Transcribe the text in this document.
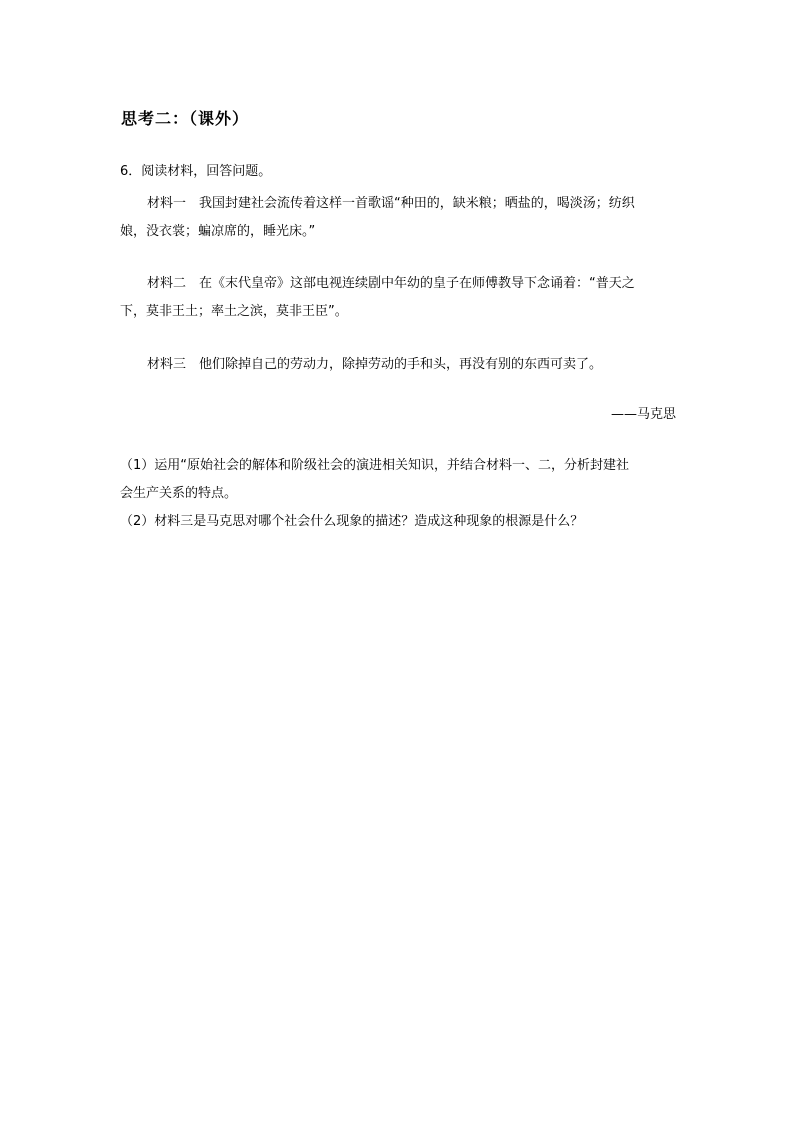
思考二：（课外）
6．阅读材料，回答问题。
材料一　我国封建社会流传着这样一首歌谣“种田的，缺米粮；晒盐的，喝淡汤；纺织
娘，没衣裳；蝙凉席的，睡光床。”
材料二　在《末代皇帝》这部电视连续剧中年幼的皇子在师傅教导下念诵着：“普天之
下，莫非王土；率土之滨，莫非王臣”。
材料三　他们除掉自己的劳动力，除掉劳动的手和头，再没有别的东西可卖了。
——马克思
（1）运用“原始社会的解体和阶级社会的演进相关知识，并结合材料一、二，分析封建社
会生产关系的特点。
（2）材料三是马克思对哪个社会什么现象的描述？造成这种现象的根源是什么？
